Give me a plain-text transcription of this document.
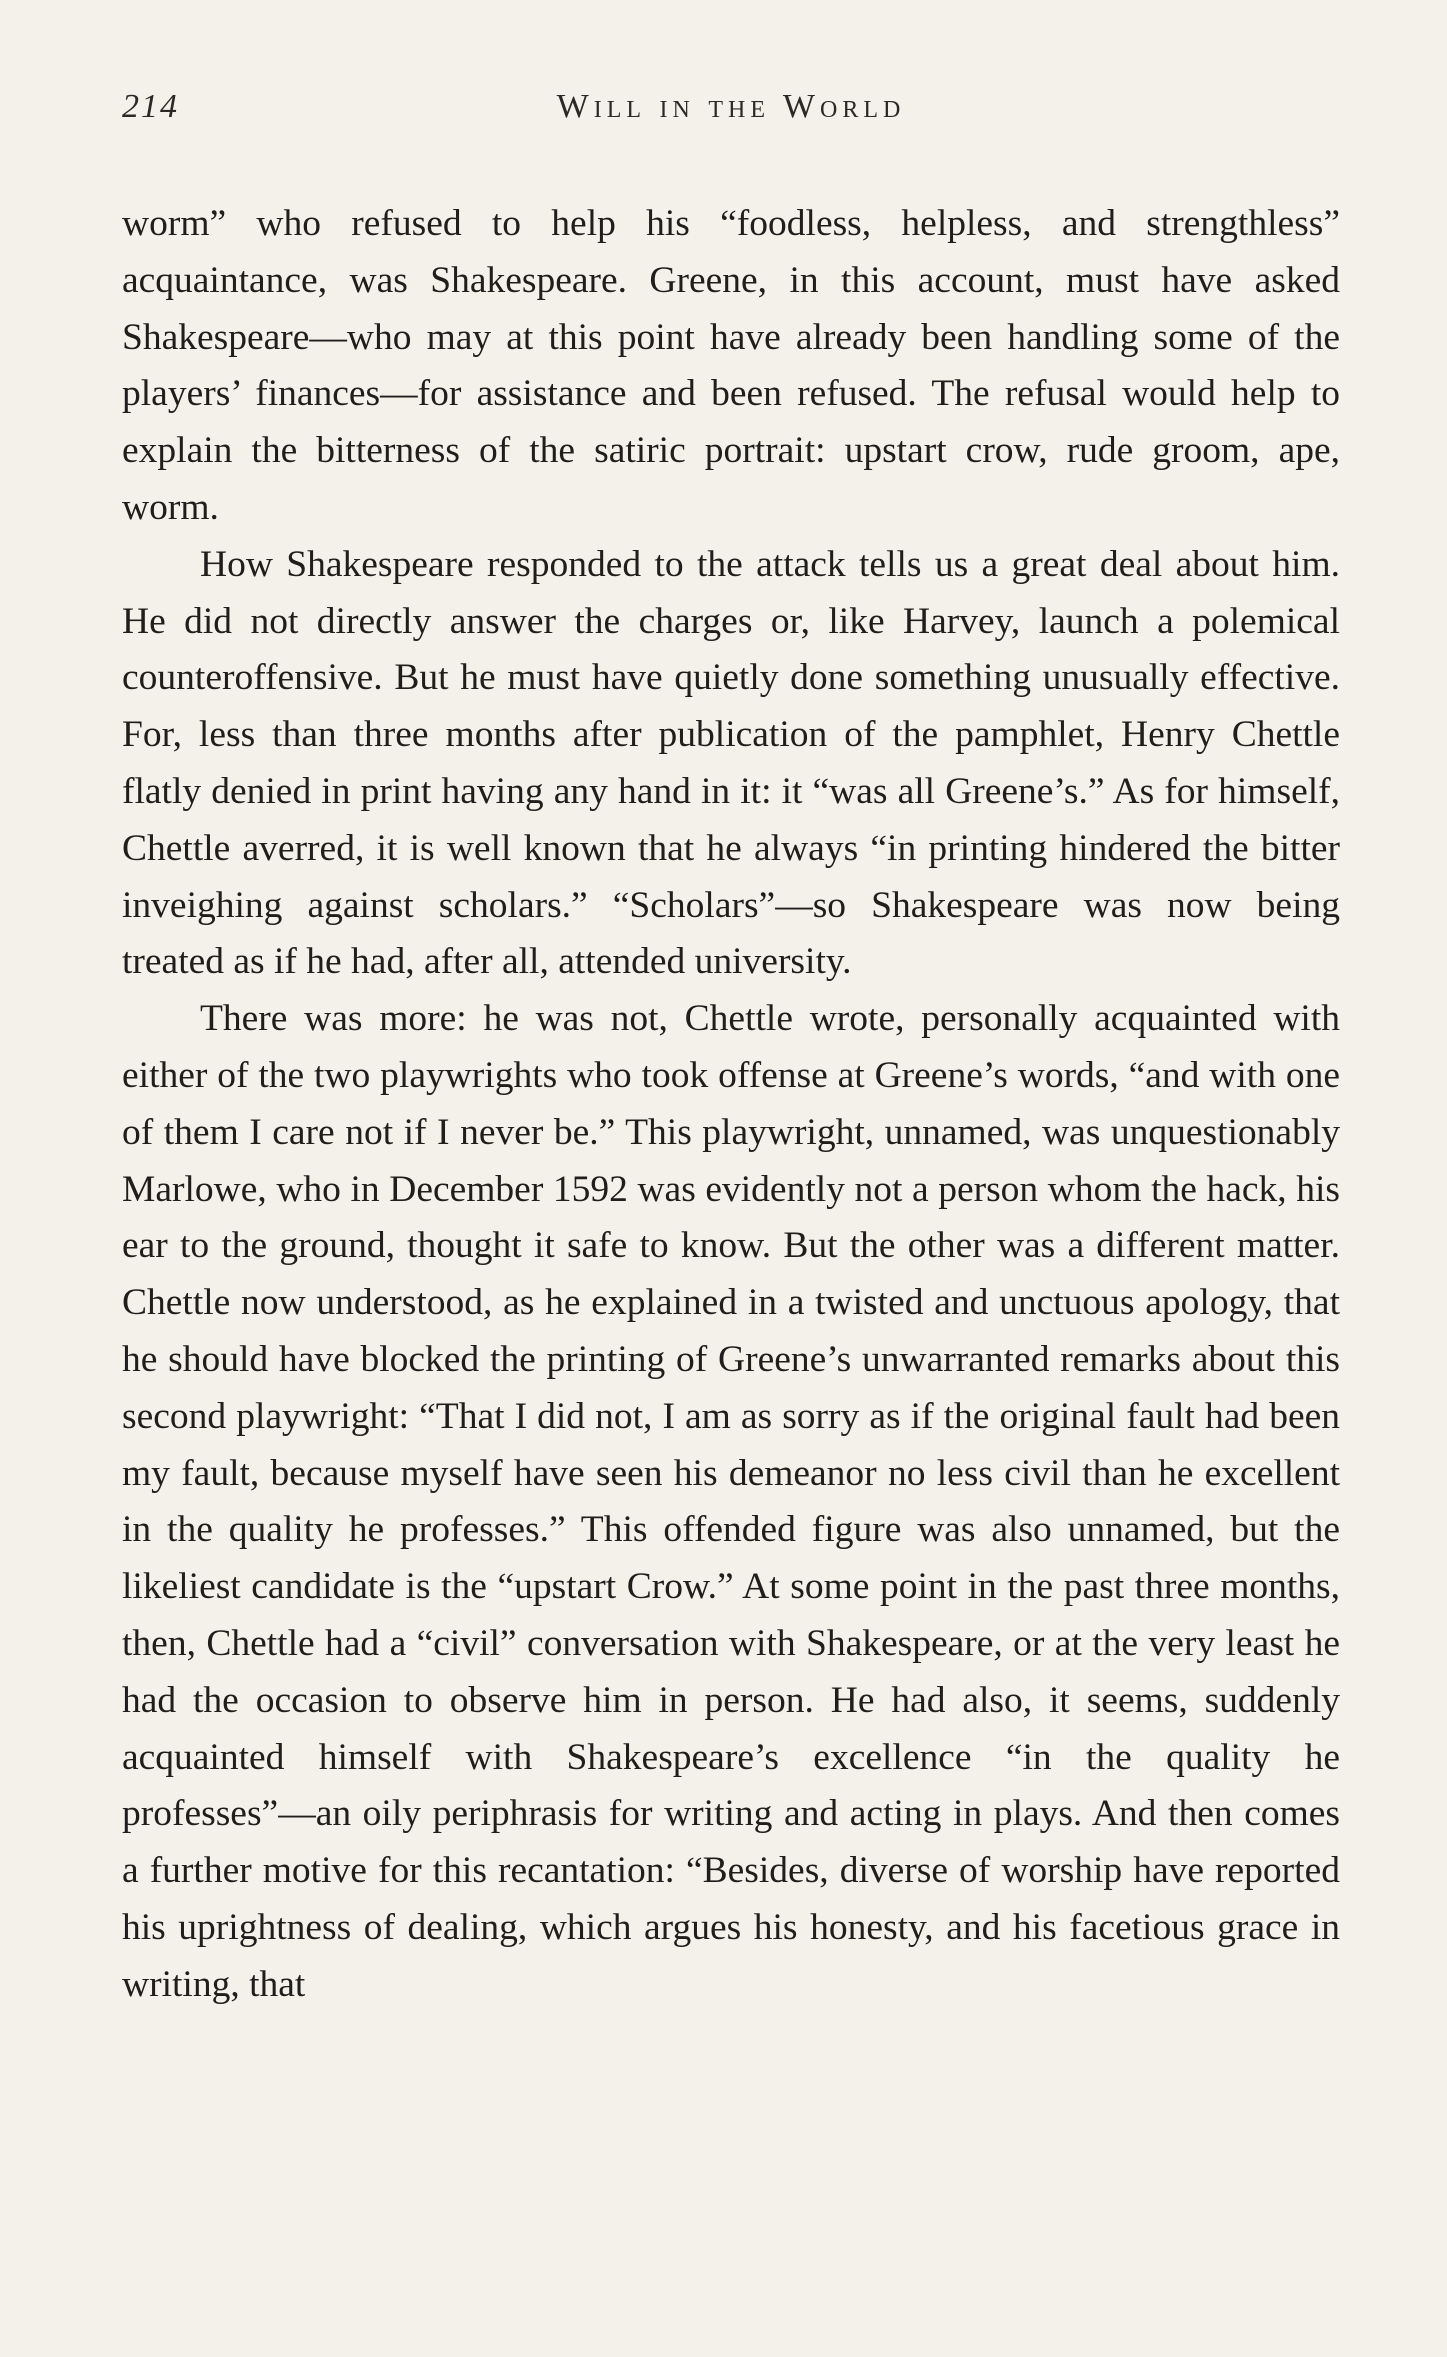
214	Will in the World

worm” who refused to help his “foodless, helpless, and strengthless” acquaintance, was Shakespeare. Greene, in this account, must have asked Shakespeare—who may at this point have already been handling some of the players’ finances—for assistance and been refused. The refusal would help to explain the bitterness of the satiric portrait: upstart crow, rude groom, ape, worm.

How Shakespeare responded to the attack tells us a great deal about him. He did not directly answer the charges or, like Harvey, launch a polemical counteroffensive. But he must have quietly done something unusually effective. For, less than three months after publication of the pamphlet, Henry Chettle flatly denied in print having any hand in it: it “was all Greene’s.” As for himself, Chettle averred, it is well known that he always “in printing hindered the bitter inveighing against scholars.” “Scholars”—so Shakespeare was now being treated as if he had, after all, attended university.

There was more: he was not, Chettle wrote, personally acquainted with either of the two playwrights who took offense at Greene’s words, “and with one of them I care not if I never be.” This playwright, unnamed, was unquestionably Marlowe, who in December 1592 was evidently not a person whom the hack, his ear to the ground, thought it safe to know. But the other was a different matter. Chettle now understood, as he explained in a twisted and unctuous apology, that he should have blocked the printing of Greene’s unwarranted remarks about this second playwright: “That I did not, I am as sorry as if the original fault had been my fault, because myself have seen his demeanor no less civil than he excellent in the quality he professes.” This offended figure was also unnamed, but the likeliest candidate is the “upstart Crow.” At some point in the past three months, then, Chettle had a “civil” conversation with Shakespeare, or at the very least he had the occasion to observe him in person. He had also, it seems, suddenly acquainted himself with Shakespeare’s excellence “in the quality he professes”—an oily periphrasis for writing and acting in plays. And then comes a further motive for this recantation: “Besides, diverse of worship have reported his uprightness of dealing, which argues his honesty, and his facetious grace in writing, that
